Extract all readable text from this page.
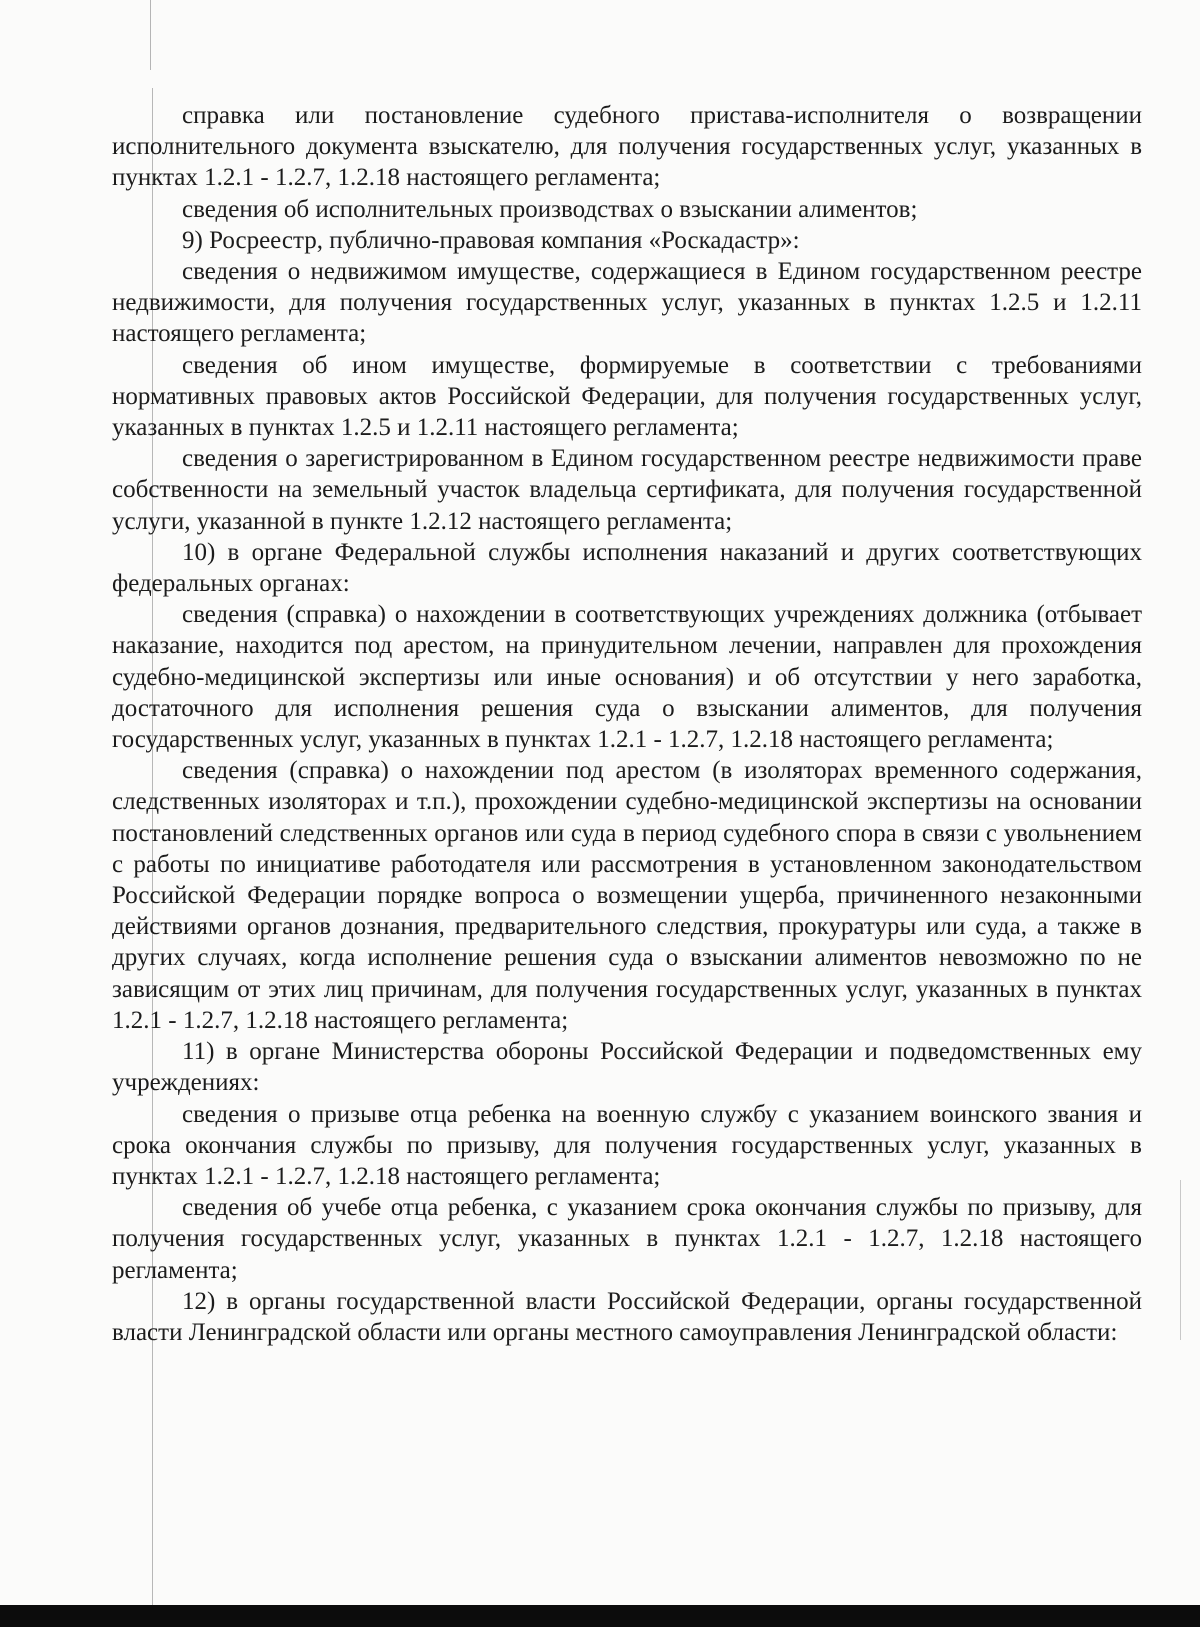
справка или постановление судебного пристава-исполнителя о возвращении исполнительного документа взыскателю, для получения государственных услуг, указанных в пунктах 1.2.1 - 1.2.7, 1.2.18 настоящего регламента;

сведения об исполнительных производствах о взыскании алиментов;

9) Росреестр, публично-правовая компания «Роскадастр»:

сведения о недвижимом имуществе, содержащиеся в Едином государственном реестре недвижимости, для получения государственных услуг, указанных в пунктах 1.2.5 и 1.2.11 настоящего регламента;

сведения об ином имуществе, формируемые в соответствии с требованиями нормативных правовых актов Российской Федерации, для получения государственных услуг, указанных в пунктах 1.2.5 и 1.2.11 настоящего регламента;

сведения о зарегистрированном в Едином государственном реестре недвижимости праве собственности на земельный участок владельца сертификата, для получения государственной услуги, указанной в пункте 1.2.12 настоящего регламента;

10) в органе Федеральной службы исполнения наказаний и других соответствующих федеральных органах:

сведения (справка) о нахождении в соответствующих учреждениях должника (отбывает наказание, находится под арестом, на принудительном лечении, направлен для прохождения судебно-медицинской экспертизы или иные основания) и об отсутствии у него заработка, достаточного для исполнения решения суда о взыскании алиментов, для получения государственных услуг, указанных в пунктах 1.2.1 - 1.2.7, 1.2.18 настоящего регламента;

сведения (справка) о нахождении под арестом (в изоляторах временного содержания, следственных изоляторах и т.п.), прохождении судебно-медицинской экспертизы на основании постановлений следственных органов или суда в период судебного спора в связи с увольнением с работы по инициативе работодателя или рассмотрения в установленном законодательством Российской Федерации порядке вопроса о возмещении ущерба, причиненного незаконными действиями органов дознания, предварительного следствия, прокуратуры или суда, а также в других случаях, когда исполнение решения суда о взыскании алиментов невозможно по не зависящим от этих лиц причинам, для получения государственных услуг, указанных в пунктах 1.2.1 - 1.2.7, 1.2.18 настоящего регламента;

11) в органе Министерства обороны Российской Федерации и подведомственных ему учреждениях:

сведения о призыве отца ребенка на военную службу с указанием воинского звания и срока окончания службы по призыву, для получения государственных услуг, указанных в пунктах 1.2.1 - 1.2.7, 1.2.18 настоящего регламента;

сведения об учебе отца ребенка, с указанием срока окончания службы по призыву, для получения государственных услуг, указанных в пунктах 1.2.1 - 1.2.7, 1.2.18 настоящего регламента;

12) в органы государственной власти Российской Федерации, органы государственной власти Ленинградской области или органы местного самоуправления Ленинградской области:
